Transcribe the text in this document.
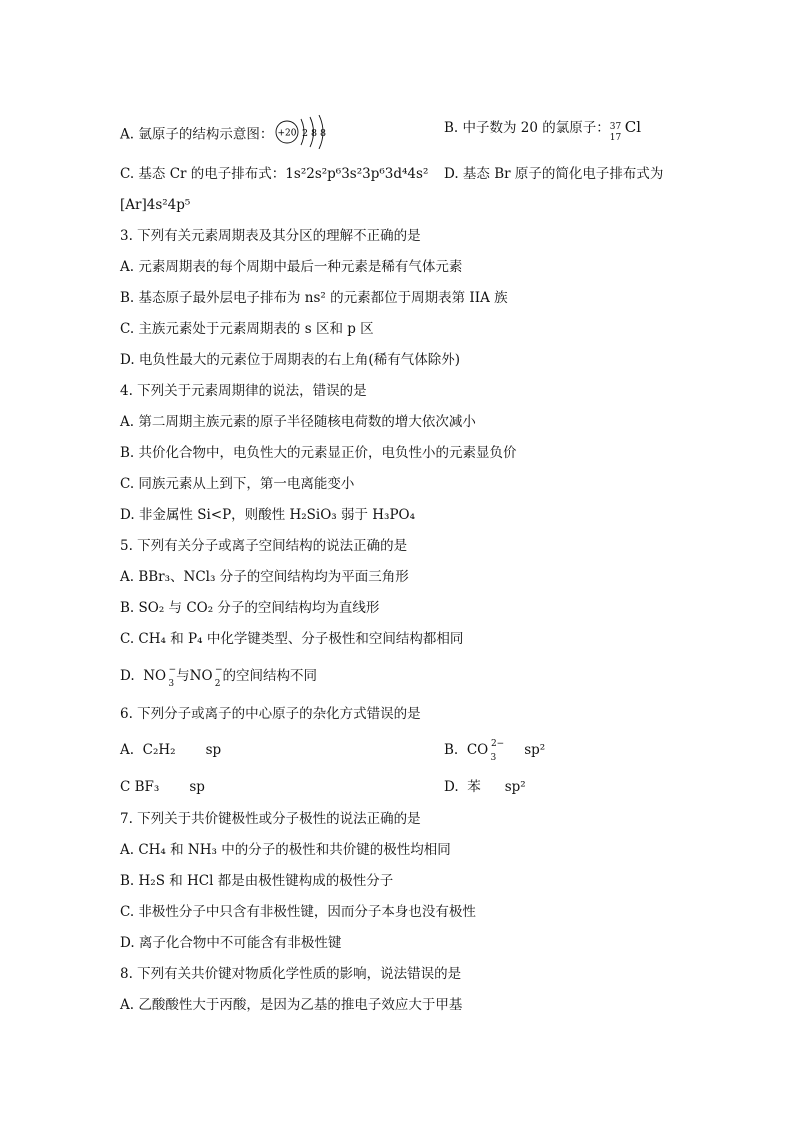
A. 氩原子的结构示意图： +20 2 8 8	B. 中子数为 20 的氯原子： 37
17
Cl
C. 基态 Cr 的电子排布式：1s²2s²p⁶3s²3p⁶3d⁴4s² D. 基态 Br 原子的简化电子排布式为
[Ar]4s²4p⁵
3. 下列有关元素周期表及其分区的理解不正确的是
A. 元素周期表的每个周期中最后一种元素是稀有气体元素
B. 基态原子最外层电子排布为 ns² 的元素都位于周期表第 IIA 族
C. 主族元素处于元素周期表的 s 区和 p 区
D. 电负性最大的元素位于周期表的右上角(稀有气体除外)
4. 下列关于元素周期律的说法，错误的是
A. 第二周期主族元素的原子半径随核电荷数的增大依次减小
B. 共价化合物中，电负性大的元素显正价，电负性小的元素显负价
C. 同族元素从上到下，第一电离能变小
D. 非金属性 Si<P，则酸性 H₂SiO₃ 弱于 H₃PO₄
5. 下列有关分子或离子空间结构的说法正确的是
A. BBr₃、NCl₃ 分子的空间结构均为平面三角形
B. SO₂ 与 CO₂ 分子的空间结构均为直线形
C. CH₄ 和 P₄ 中化学键类型、分子极性和空间结构都相同
D. NO −
3 与NO −
2 的空间结构不同
6. 下列分子或离子的中心原子的杂化方式错误的是
A. C₂H₂ sp	B. CO 2−
3 sp²
C BF₃ sp	D. 苯 sp²
7. 下列关于共价键极性或分子极性的说法正确的是
A. CH₄ 和 NH₃ 中的分子的极性和共价键的极性均相同
B. H₂S 和 HCl 都是由极性键构成的极性分子
C. 非极性分子中只含有非极性键，因而分子本身也没有极性
D. 离子化合物中不可能含有非极性键
8. 下列有关共价键对物质化学性质的影响，说法错误的是
A. 乙酸酸性大于丙酸，是因为乙基的推电子效应大于甲基
